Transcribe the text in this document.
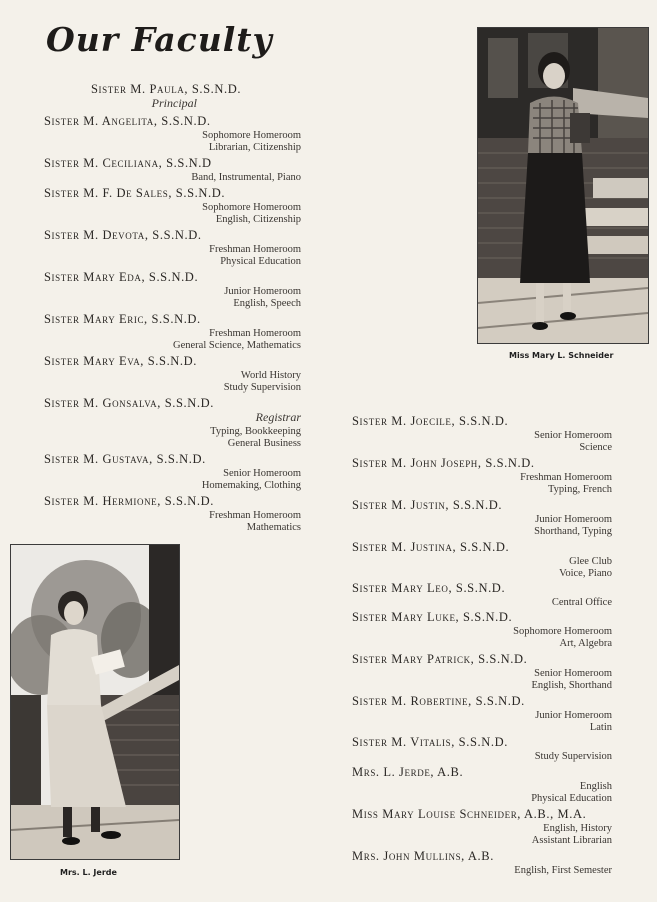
Our Faculty
Miss Mary L. Schneider
Mrs. L. Jerde
Sister M. Paula, S.S.N.D.
Principal
Sister M. Angelita, S.S.N.D.
Sophomore Homeroom
Librarian, Citizenship
Sister M. Ceciliana, S.S.N.D
Band, Instrumental, Piano
Sister M. F. De Sales, S.S.N.D.
Sophomore Homeroom
English, Citizenship
Sister M. Devota, S.S.N.D.
Freshman Homeroom
Physical Education
Sister Mary Eda, S.S.N.D.
Junior Homeroom
English, Speech
Sister Mary Eric, S.S.N.D.
Freshman Homeroom
General Science, Mathematics
Sister Mary Eva, S.S.N.D.
World History
Study Supervision
Sister M. Gonsalva, S.S.N.D.
Registrar
Typing, Bookkeeping
General Business
Sister M. Gustava, S.S.N.D.
Senior Homeroom
Homemaking, Clothing
Sister M. Hermione, S.S.N.D.
Freshman Homeroom
Mathematics
Sister M. Joecile, S.S.N.D.
Senior Homeroom
Science
Sister M. John Joseph, S.S.N.D.
Freshman Homeroom
Typing, French
Sister M. Justin, S.S.N.D.
Junior Homeroom
Shorthand, Typing
Sister M. Justina, S.S.N.D.
Glee Club
Voice, Piano
Sister Mary Leo, S.S.N.D.
Central Office
Sister Mary Luke, S.S.N.D.
Sophomore Homeroom
Art, Algebra
Sister Mary Patrick, S.S.N.D.
Senior Homeroom
English, Shorthand
Sister M. Robertine, S.S.N.D.
Junior Homeroom
Latin
Sister M. Vitalis, S.S.N.D.
Study Supervision
Mrs. L. Jerde, A.B.
English
Physical Education
Miss Mary Louise Schneider, A.B., M.A.
English, History
Assistant Librarian
Mrs. John Mullins, A.B.
English, First Semester
